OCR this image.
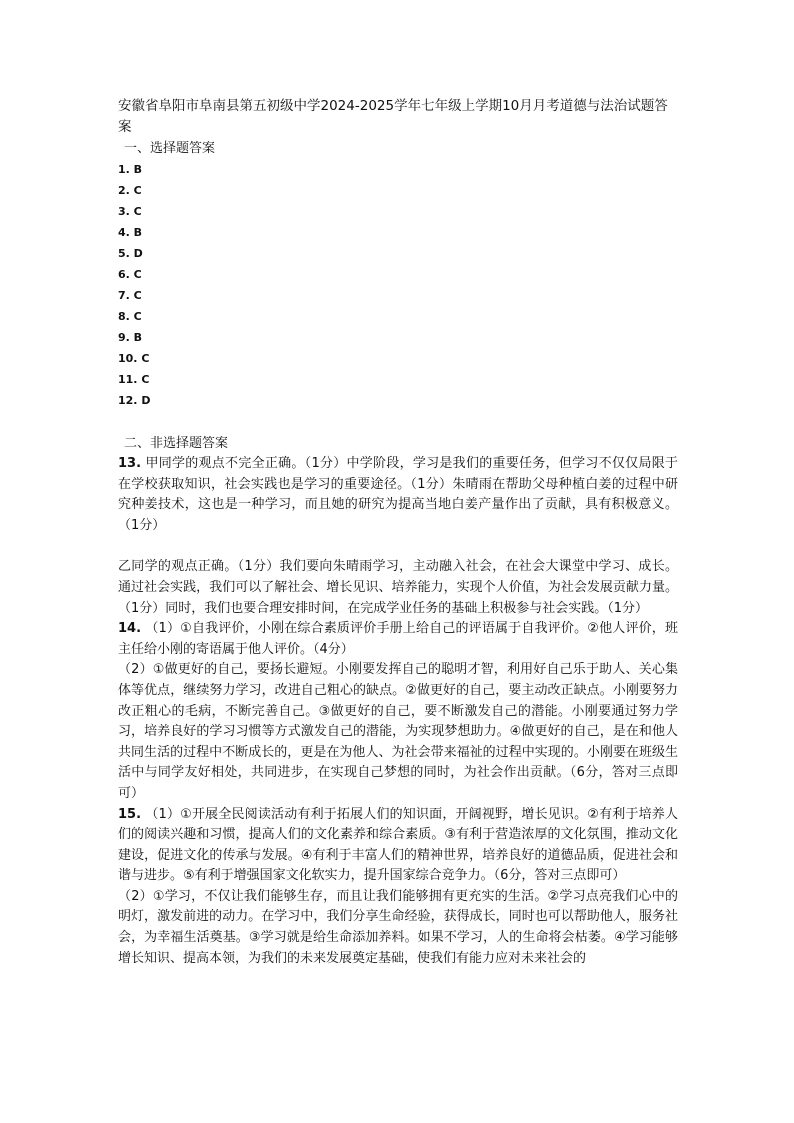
安徽省阜阳市阜南县第五初级中学2024-2025学年七年级上学期10月月考道德与法治试题答案

一、选择题答案

1. B
2. C
3. C
4. B
5. D
6. C
7. C
8. C
9. B
10. C
11. C
12. D

二、非选择题答案

13. 甲同学的观点不完全正确。（1分）中学阶段，学习是我们的重要任务，但学习不仅仅局限于在学校获取知识，社会实践也是学习的重要途径。（1分）朱晴雨在帮助父母种植白姜的过程中研究种姜技术，这也是一种学习，而且她的研究为提高当地白姜产量作出了贡献，具有积极意义。（1分）

乙同学的观点正确。（1分）我们要向朱晴雨学习，主动融入社会，在社会大课堂中学习、成长。通过社会实践，我们可以了解社会、增长见识、培养能力，实现个人价值，为社会发展贡献力量。（1分）同时，我们也要合理安排时间，在完成学业任务的基础上积极参与社会实践。（1分）

14. （1）①自我评价，小刚在综合素质评价手册上给自己的评语属于自我评价。②他人评价，班主任给小刚的寄语属于他人评价。（4分）

（2）①做更好的自己，要扬长避短。小刚要发挥自己的聪明才智，利用好自己乐于助人、关心集体等优点，继续努力学习，改进自己粗心的缺点。②做更好的自己，要主动改正缺点。小刚要努力改正粗心的毛病，不断完善自己。③做更好的自己，要不断激发自己的潜能。小刚要通过努力学习，培养良好的学习习惯等方式激发自己的潜能，为实现梦想助力。④做更好的自己，是在和他人共同生活的过程中不断成长的，更是在为他人、为社会带来福祉的过程中实现的。小刚要在班级生活中与同学友好相处，共同进步，在实现自己梦想的同时，为社会作出贡献。（6分，答对三点即可）

15. （1）①开展全民阅读活动有利于拓展人们的知识面，开阔视野，增长见识。②有利于培养人们的阅读兴趣和习惯，提高人们的文化素养和综合素质。③有利于营造浓厚的文化氛围，推动文化建设，促进文化的传承与发展。④有利于丰富人们的精神世界，培养良好的道德品质，促进社会和谐与进步。⑤有利于增强国家文化软实力，提升国家综合竞争力。（6分，答对三点即可）

（2）①学习，不仅让我们能够生存，而且让我们能够拥有更充实的生活。②学习点亮我们心中的明灯，激发前进的动力。在学习中，我们分享生命经验，获得成长，同时也可以帮助他人，服务社会，为幸福生活奠基。③学习就是给生命添加养料。如果不学习，人的生命将会枯萎。④学习能够增长知识、提高本领，为我们的未来发展奠定基础，使我们有能力应对未来社会的
